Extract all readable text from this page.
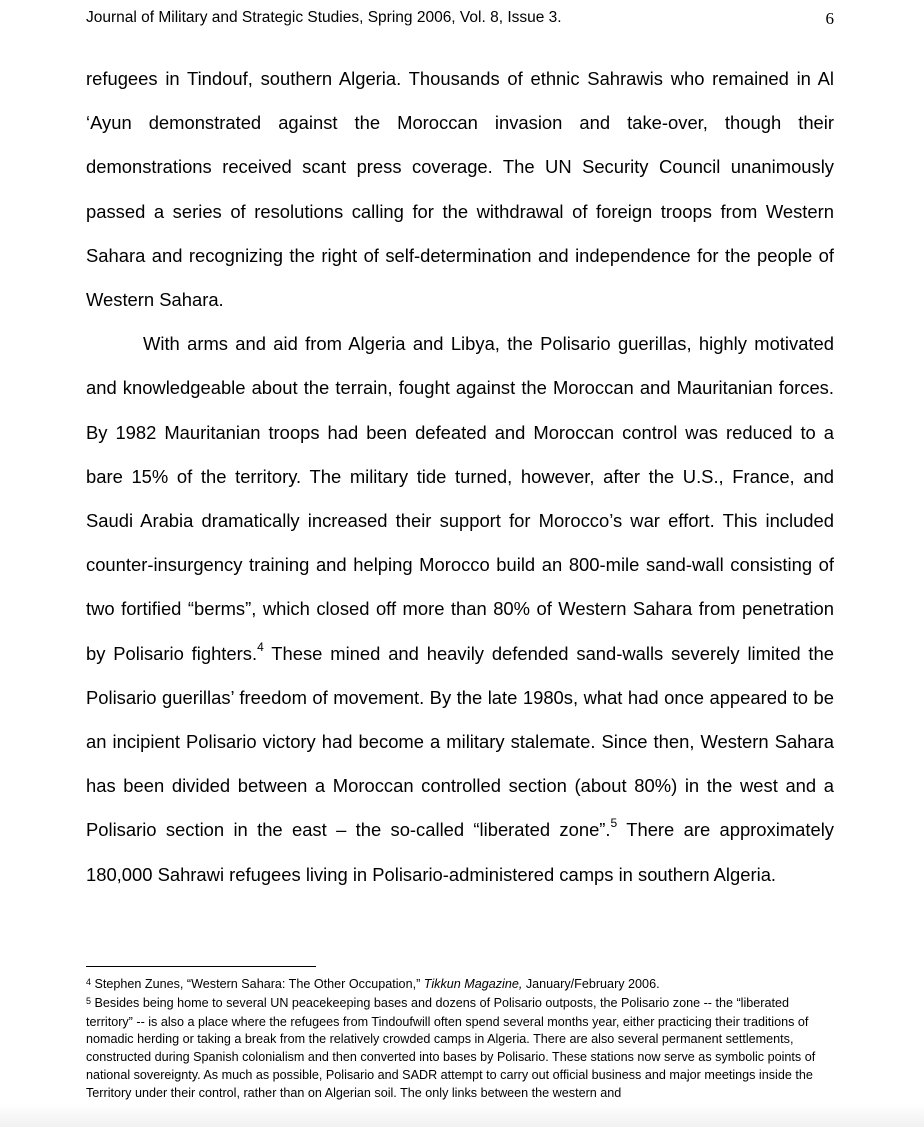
Journal of Military and Strategic Studies, Spring 2006, Vol. 8, Issue 3.	6

refugees in Tindouf, southern Algeria. Thousands of ethnic Sahrawis who remained in Al ‘Ayun demonstrated against the Moroccan invasion and take-over, though their demonstrations received scant press coverage. The UN Security Council unanimously passed a series of resolutions calling for the withdrawal of foreign troops from Western Sahara and recognizing the right of self-determination and independence for the people of Western Sahara.

With arms and aid from Algeria and Libya, the Polisario guerillas, highly motivated and knowledgeable about the terrain, fought against the Moroccan and Mauritanian forces. By 1982 Mauritanian troops had been defeated and Moroccan control was reduced to a bare 15% of the territory. The military tide turned, however, after the U.S., France, and Saudi Arabia dramatically increased their support for Morocco’s war effort. This included counter-insurgency training and helping Morocco build an 800-mile sand-wall consisting of two fortified “berms”, which closed off more than 80% of Western Sahara from penetration by Polisario fighters.$^4$ These mined and heavily defended sand-walls severely limited the Polisario guerillas’ freedom of movement. By the late 1980s, what had once appeared to be an incipient Polisario victory had become a military stalemate. Since then, Western Sahara has been divided between a Moroccan controlled section (about 80%) in the west and a Polisario section in the east – the so-called “liberated zone”.$^5$ There are approximately 180,000 Sahrawi refugees living in Polisario-administered camps in southern Algeria.

$^4$ Stephen Zunes, “Western Sahara: The Other Occupation,” Tikkun Magazine, January/February 2006.

$^5$ Besides being home to several UN peacekeeping bases and dozens of Polisario outposts, the Polisario zone -- the “liberated territory” -- is also a place where the refugees from Tindoufwill often spend several months year, either practicing their traditions of nomadic herding or taking a break from the relatively crowded camps in Algeria. There are also several permanent settlements, constructed during Spanish colonialism and then converted into bases by Polisario. These stations now serve as symbolic points of national sovereignty. As much as possible, Polisario and SADR attempt to carry out official business and major meetings inside the Territory under their control, rather than on Algerian soil. The only links between the western and
